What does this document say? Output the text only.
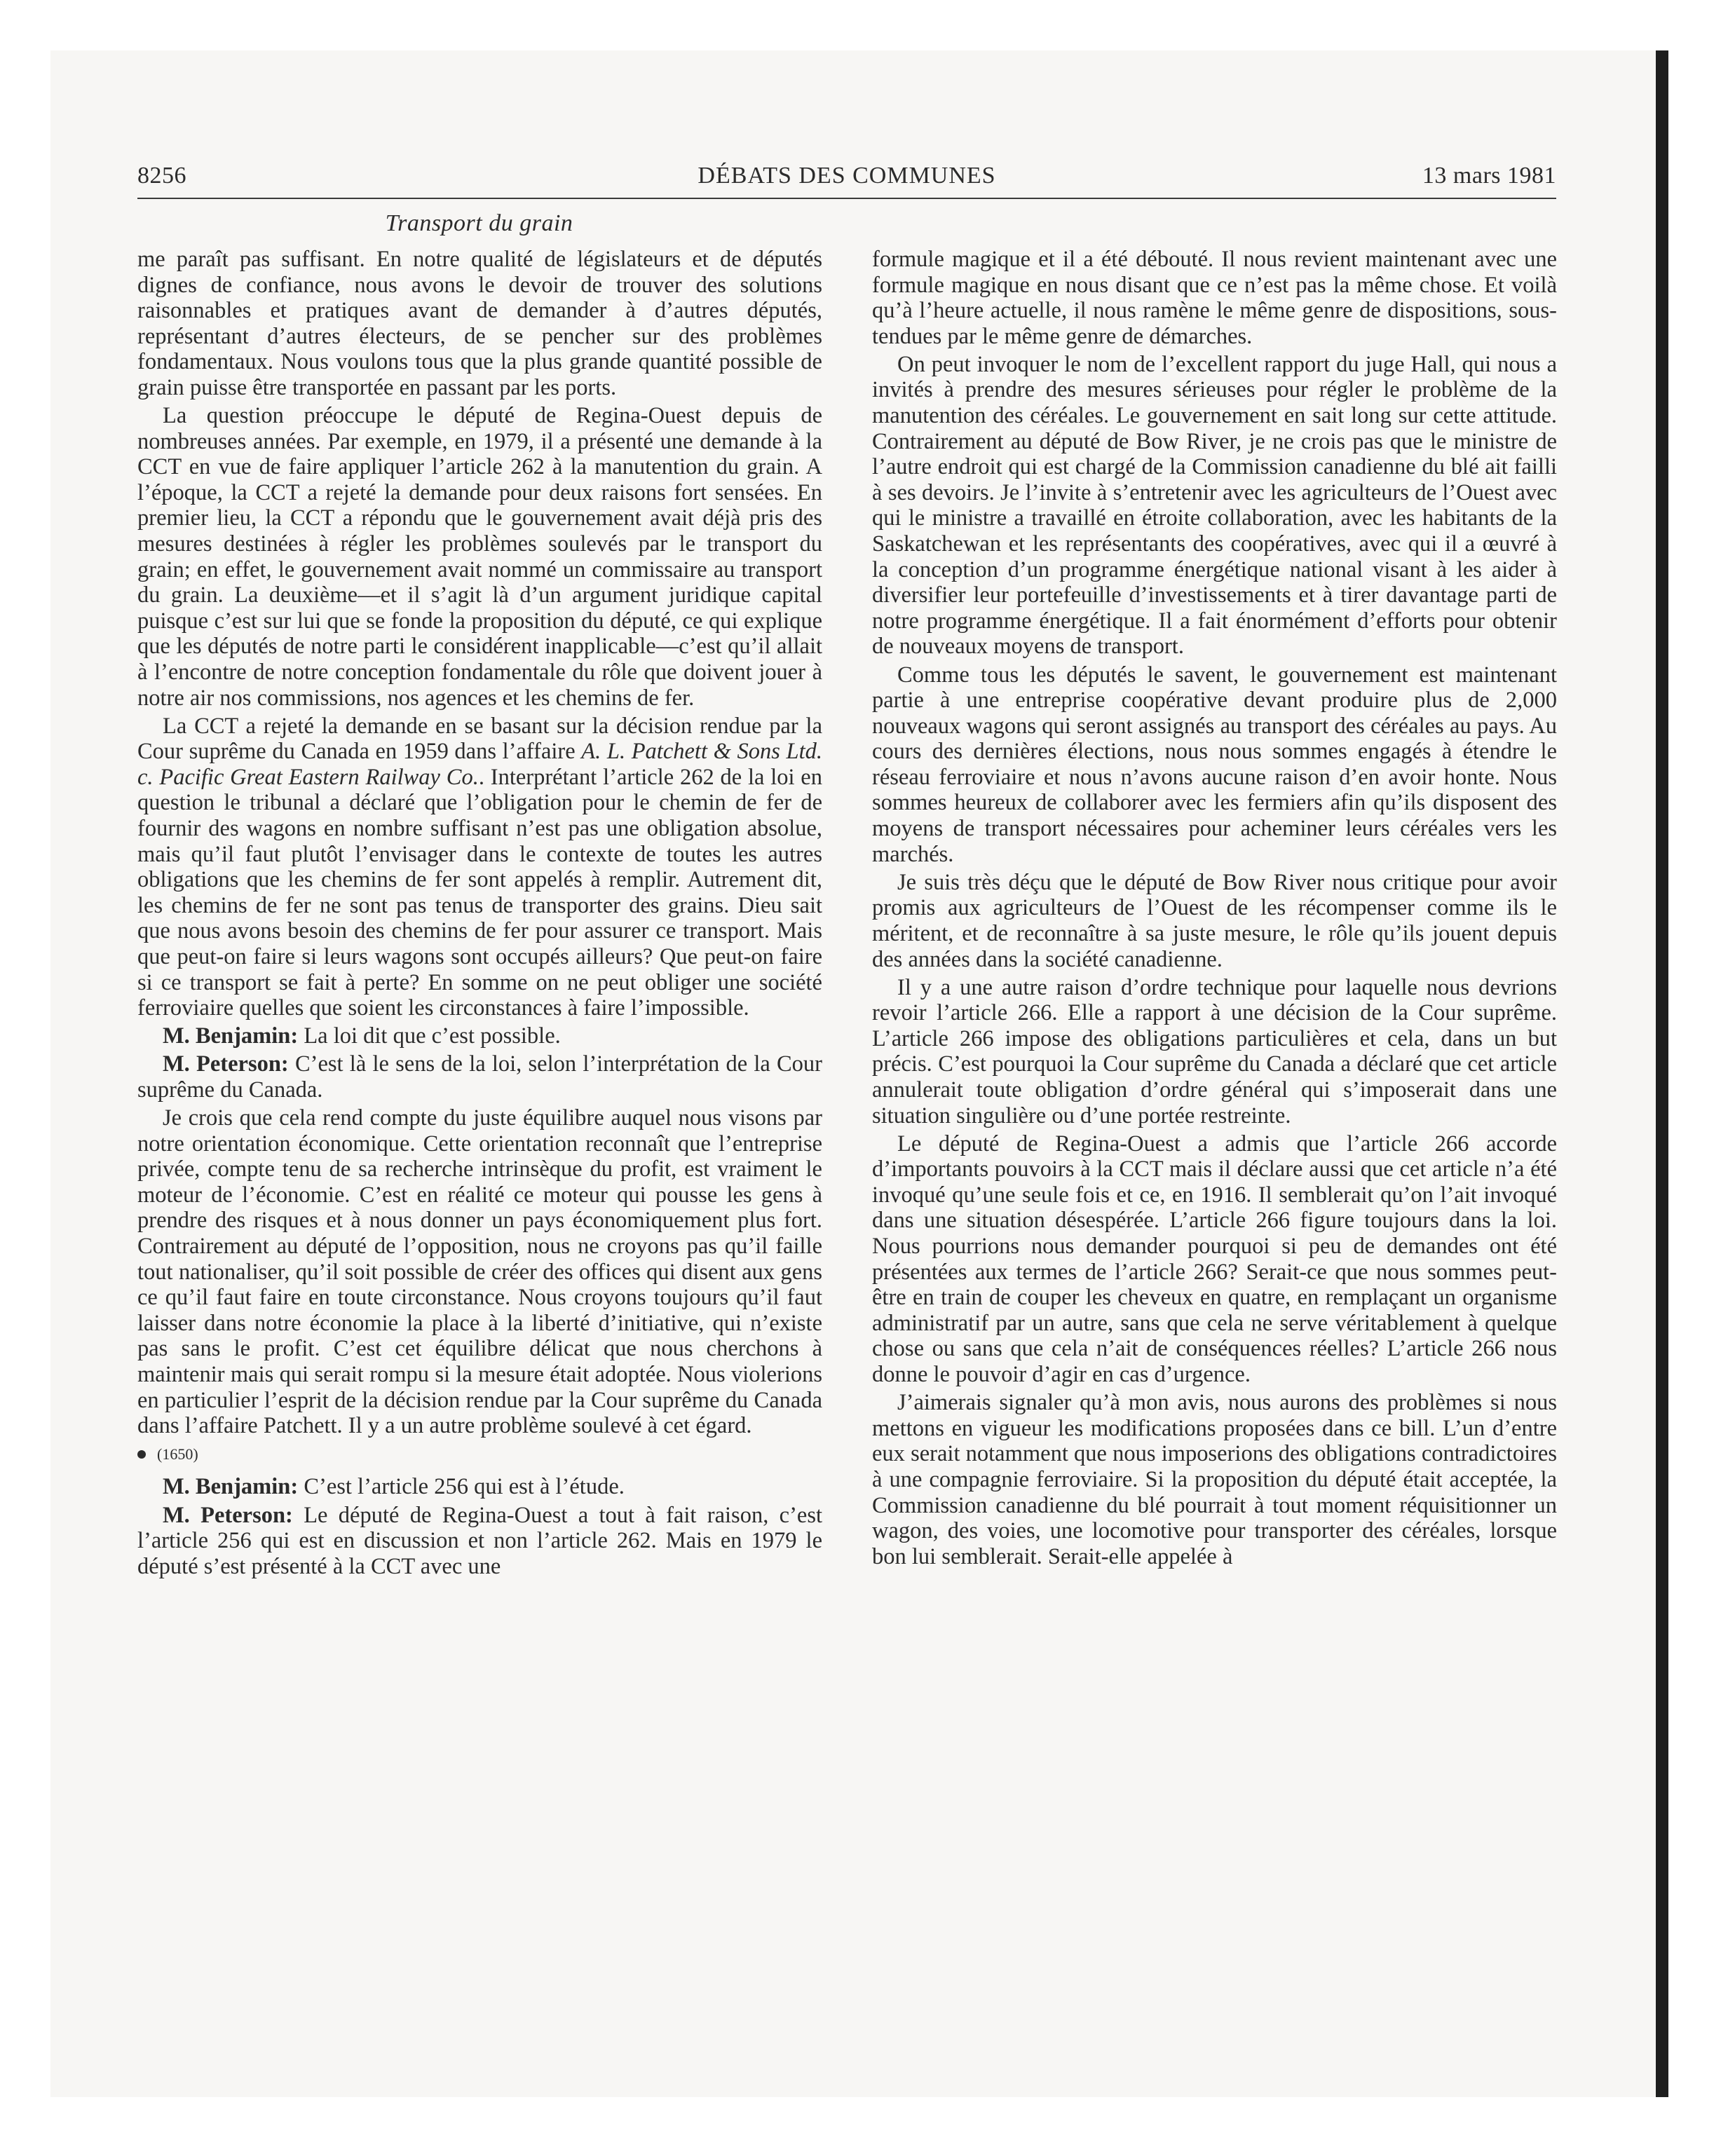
8256	DÉBATS DES COMMUNES	13 mars 1981
Transport du grain

me paraît pas suffisant. En notre qualité de législateurs et de députés dignes de confiance, nous avons le devoir de trouver des solutions raisonnables et pratiques avant de demander à d’autres députés, représentant d’autres électeurs, de se pencher sur des problèmes fondamentaux. Nous voulons tous que la plus grande quantité possible de grain puisse être transportée en passant par les ports.

La question préoccupe le député de Regina-Ouest depuis de nombreuses années. Par exemple, en 1979, il a présenté une demande à la CCT en vue de faire appliquer l’article 262 à la manutention du grain. A l’époque, la CCT a rejeté la demande pour deux raisons fort sensées. En premier lieu, la CCT a répondu que le gouvernement avait déjà pris des mesures destinées à régler les problèmes soulevés par le transport du grain; en effet, le gouvernement avait nommé un commissaire au transport du grain. La deuxième—et il s’agit là d’un argument juridique capital puisque c’est sur lui que se fonde la proposition du député, ce qui explique que les députés de notre parti le considérent inapplicable—c’est qu’il allait à l’encontre de notre conception fondamentale du rôle que doivent jouer à notre air nos commissions, nos agences et les chemins de fer.

La CCT a rejeté la demande en se basant sur la décision rendue par la Cour suprême du Canada en 1959 dans l’affaire A. L. Patchett & Sons Ltd. c. Pacific Great Eastern Railway Co.. Interprétant l’article 262 de la loi en question le tribunal a déclaré que l’obligation pour le chemin de fer de fournir des wagons en nombre suffisant n’est pas une obligation absolue, mais qu’il faut plutôt l’envisager dans le contexte de toutes les autres obligations que les chemins de fer sont appelés à remplir. Autrement dit, les chemins de fer ne sont pas tenus de transporter des grains. Dieu sait que nous avons besoin des chemins de fer pour assurer ce transport. Mais que peut-on faire si leurs wagons sont occupés ailleurs? Que peut-on faire si ce transport se fait à perte? En somme on ne peut obliger une société ferroviaire quelles que soient les circonstances à faire l’impossible.

M. Benjamin: La loi dit que c’est possible.

M. Peterson: C’est là le sens de la loi, selon l’interprétation de la Cour suprême du Canada.

Je crois que cela rend compte du juste équilibre auquel nous visons par notre orientation économique. Cette orientation reconnaît que l’entreprise privée, compte tenu de sa recherche intrinsèque du profit, est vraiment le moteur de l’économie. C’est en réalité ce moteur qui pousse les gens à prendre des risques et à nous donner un pays économiquement plus fort. Contrairement au député de l’opposition, nous ne croyons pas qu’il faille tout nationaliser, qu’il soit possible de créer des offices qui disent aux gens ce qu’il faut faire en toute circonstance. Nous croyons toujours qu’il faut laisser dans notre économie la place à la liberté d’initiative, qui n’existe pas sans le profit. C’est cet équilibre délicat que nous cherchons à maintenir mais qui serait rompu si la mesure était adoptée. Nous violerions en particulier l’esprit de la décision rendue par la Cour suprême du Canada dans l’affaire Patchett. Il y a un autre problème soulevé à cet égard.

(1650)

M. Benjamin: C’est l’article 256 qui est à l’étude.

M. Peterson: Le député de Regina-Ouest a tout à fait raison, c’est l’article 256 qui est en discussion et non l’article 262. Mais en 1979 le député s’est présenté à la CCT avec une

formule magique et il a été débouté. Il nous revient maintenant avec une formule magique en nous disant que ce n’est pas la même chose. Et voilà qu’à l’heure actuelle, il nous ramène le même genre de dispositions, sous-tendues par le même genre de démarches.

On peut invoquer le nom de l’excellent rapport du juge Hall, qui nous a invités à prendre des mesures sérieuses pour régler le problème de la manutention des céréales. Le gouvernement en sait long sur cette attitude. Contrairement au député de Bow River, je ne crois pas que le ministre de l’autre endroit qui est chargé de la Commission canadienne du blé ait failli à ses devoirs. Je l’invite à s’entretenir avec les agriculteurs de l’Ouest avec qui le ministre a travaillé en étroite collaboration, avec les habitants de la Saskatchewan et les représentants des coopératives, avec qui il a œuvré à la conception d’un programme énergétique national visant à les aider à diversifier leur portefeuille d’investissements et à tirer davantage parti de notre programme énergétique. Il a fait énormément d’efforts pour obtenir de nouveaux moyens de transport.

Comme tous les députés le savent, le gouvernement est maintenant partie à une entreprise coopérative devant produire plus de 2,000 nouveaux wagons qui seront assignés au transport des céréales au pays. Au cours des dernières élections, nous nous sommes engagés à étendre le réseau ferroviaire et nous n’avons aucune raison d’en avoir honte. Nous sommes heureux de collaborer avec les fermiers afin qu’ils disposent des moyens de transport nécessaires pour acheminer leurs céréales vers les marchés.

Je suis très déçu que le député de Bow River nous critique pour avoir promis aux agriculteurs de l’Ouest de les récompenser comme ils le méritent, et de reconnaître à sa juste mesure, le rôle qu’ils jouent depuis des années dans la société canadienne.

Il y a une autre raison d’ordre technique pour laquelle nous devrions revoir l’article 266. Elle a rapport à une décision de la Cour suprême. L’article 266 impose des obligations particulières et cela, dans un but précis. C’est pourquoi la Cour suprême du Canada a déclaré que cet article annulerait toute obligation d’ordre général qui s’imposerait dans une situation singulière ou d’une portée restreinte.

Le député de Regina-Ouest a admis que l’article 266 accorde d’importants pouvoirs à la CCT mais il déclare aussi que cet article n’a été invoqué qu’une seule fois et ce, en 1916. Il semblerait qu’on l’ait invoqué dans une situation désespérée. L’article 266 figure toujours dans la loi. Nous pourrions nous demander pourquoi si peu de demandes ont été présentées aux termes de l’article 266? Serait-ce que nous sommes peut-être en train de couper les cheveux en quatre, en remplaçant un organisme administratif par un autre, sans que cela ne serve véritablement à quelque chose ou sans que cela n’ait de conséquences réelles? L’article 266 nous donne le pouvoir d’agir en cas d’urgence.

J’aimerais signaler qu’à mon avis, nous aurons des problèmes si nous mettons en vigueur les modifications proposées dans ce bill. L’un d’entre eux serait notamment que nous imposerions des obligations contradictoires à une compagnie ferroviaire. Si la proposition du député était acceptée, la Commission canadienne du blé pourrait à tout moment réquisitionner un wagon, des voies, une locomotive pour transporter des céréales, lorsque bon lui semblerait. Serait-elle appelée à
